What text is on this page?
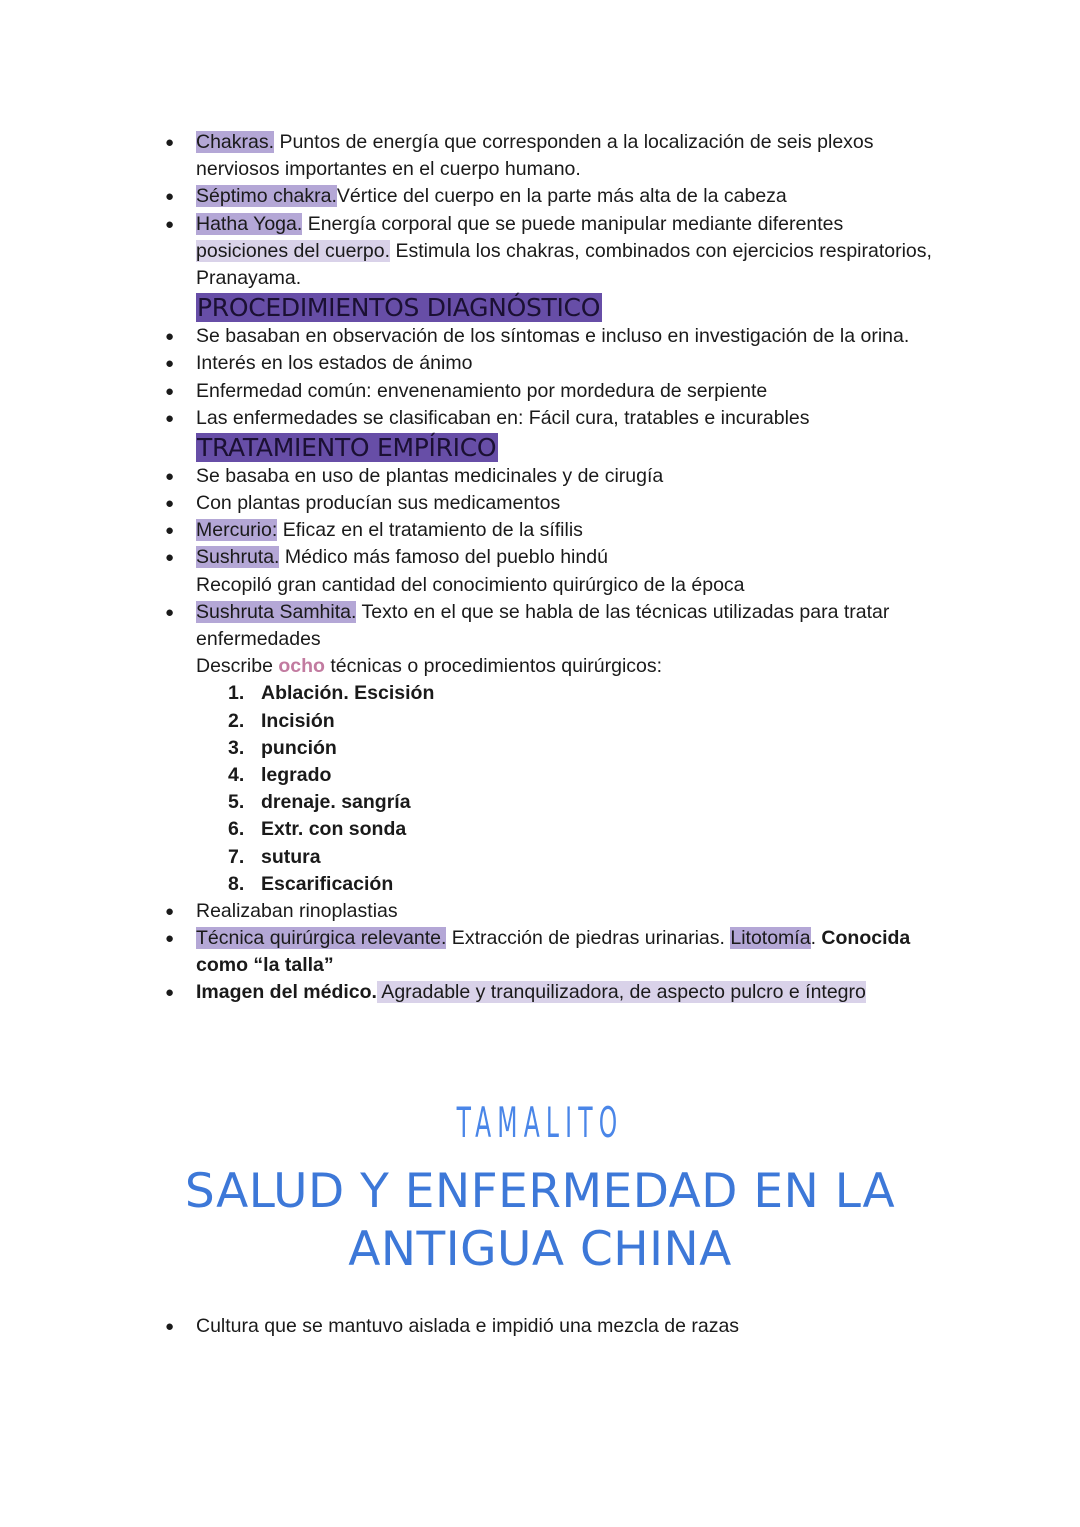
● Chakras. Puntos de energía que corresponden a la localización de seis plexos
nerviosos importantes en el cuerpo humano.
● Séptimo chakra.Vértice del cuerpo en la parte más alta de la cabeza
● Hatha Yoga. Energía corporal que se puede manipular mediante diferentes
posiciones del cuerpo. Estimula los chakras, combinados con ejercicios respiratorios,
Pranayama.
PROCEDIMIENTOS DIAGNÓSTICO
● Se basaban en observación de los síntomas e incluso en investigación de la orina.
● Interés en los estados de ánimo
● Enfermedad común: envenenamiento por mordedura de serpiente
● Las enfermedades se clasificaban en: Fácil cura, tratables e incurables
TRATAMIENTO EMPÍRICO
● Se basaba en uso de plantas medicinales y de cirugía
● Con plantas producían sus medicamentos
● Mercurio: Eficaz en el tratamiento de la sífilis
● Sushruta. Médico más famoso del pueblo hindú
Recopiló gran cantidad del conocimiento quirúrgico de la época
● Sushruta Samhita. Texto en el que se habla de las técnicas utilizadas para tratar
enfermedades
Describe ocho técnicas o procedimientos quirúrgicos:
1. Ablación. Escisión
2. Incisión
3. punción
4. legrado
5. drenaje. sangría
6. Extr. con sonda
7. sutura
8. Escarificación
● Realizaban rinoplastias
● Técnica quirúrgica relevante. Extracción de piedras urinarias. Litotomía. Conocida
como “la talla”
● Imagen del médico. Agradable y tranquilizadora, de aspecto pulcro e íntegro
TAMALITO
SALUD Y ENFERMEDAD EN LA
ANTIGUA CHINA
● Cultura que se mantuvo aislada e impidió una mezcla de razas
